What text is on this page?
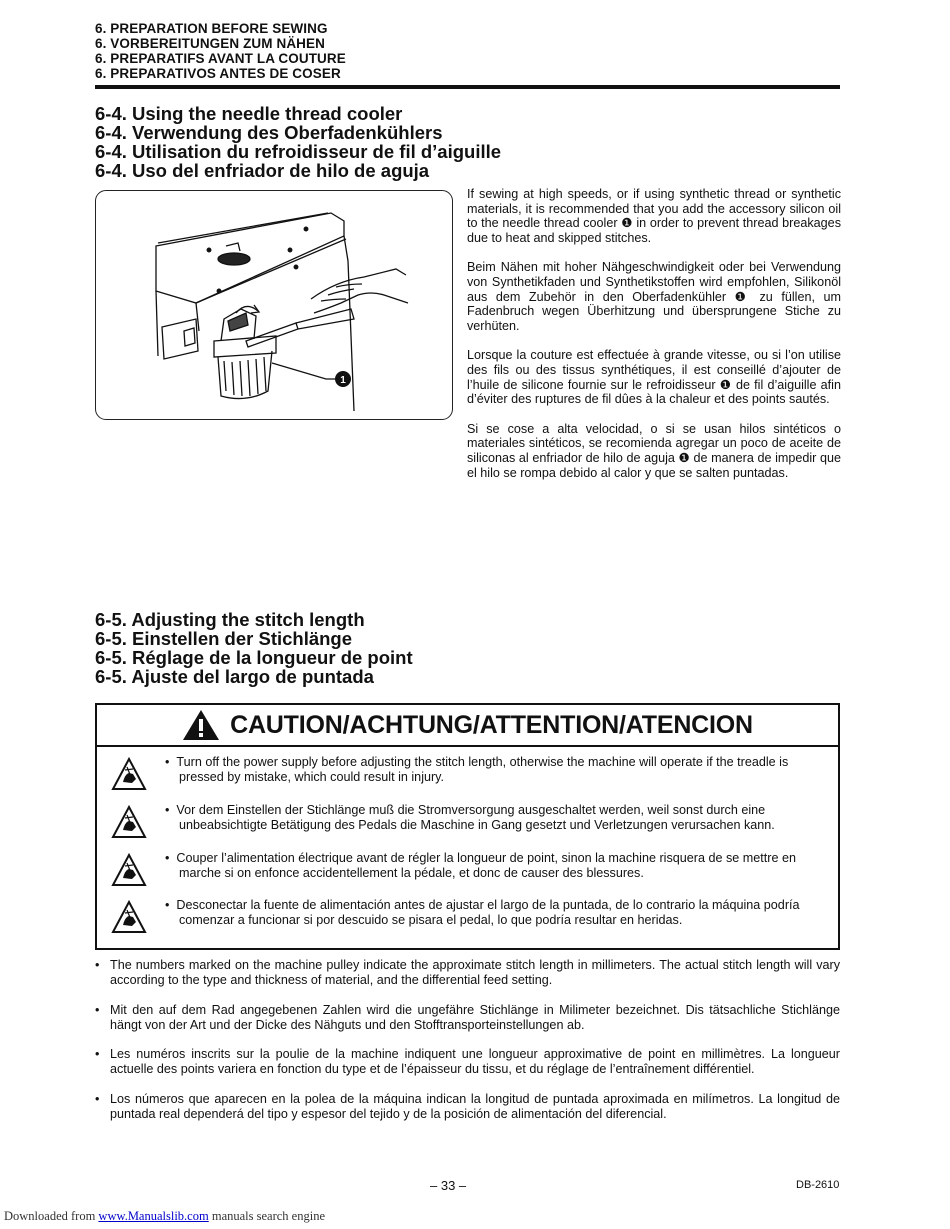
6. PREPARATION BEFORE SEWING
6. VORBEREITUNGEN ZUM NÄHEN
6. PREPARATIFS AVANT LA COUTURE
6. PREPARATIVOS ANTES DE COSER
6-4. Using the needle thread cooler
6-4. Verwendung des Oberfadenkühlers
6-4. Utilisation du refroidisseur de fil d’aiguille
6-4. Uso del enfriador de hilo de aguja
1

If sewing at high speeds, or if using synthetic thread or synthetic materials, it is recommended that you add the accessory silicon oil to the needle thread cooler ❶ in order to prevent thread breakages due to heat and skipped stitches.

Beim Nähen mit hoher Nähgeschwindigkeit oder bei Verwendung von Synthetikfaden und Synthetikstoffen wird empfohlen, Silikonöl aus dem Zubehör in den Oberfadenkühler ❶ zu füllen, um Fadenbruch wegen Überhitzung und übersprungene Stiche zu verhüten.

Lorsque la couture est effectuée à grande vitesse, ou si l’on utilise des fils ou des tissus synthétiques, il est conseillé d’ajouter de l’huile de silicone fournie sur le refroidisseur ❶ de fil d’aiguille afin d’éviter des ruptures de fil dûes à la chaleur et des points sautés.

Si se cose a alta velocidad, o si se usan hilos sintéticos o materiales sintéticos, se recomienda agregar un poco de aceite de siliconas al enfriador de hilo de aguja ❶ de manera de impedir que el hilo se rompa debido al calor y que se salten puntadas.

6-5. Adjusting the stitch length
6-5. Einstellen der Stichlänge
6-5. Réglage de la longueur de point
6-5. Ajuste del largo de puntada
CAUTION/ACHTUNG/ATTENTION/ATENCION
•  Turn off the power supply before adjusting the stitch length, otherwise the machine will operate if the treadle is pressed by mistake, which could result in injury.
•  Vor dem Einstellen der Stichlänge muß die Stromversorgung ausgeschaltet werden, weil sonst durch eine unbeabsichtigte Betätigung des Pedals die Maschine in Gang gesetzt und Verletzungen verursachen kann.
•  Couper l’alimentation électrique avant de régler la longueur de point, sinon la machine risquera de se mettre en marche si on enfonce accidentellement la pédale, et donc de causer des blessures.
•  Desconectar la fuente de alimentación antes de ajustar el largo de la puntada, de lo contrario la máquina podría comenzar a funcionar si por descuido se pisara el pedal, lo que podría resultar en heridas.
• The numbers marked on the machine pulley indicate the approximate stitch length in millimeters. The actual stitch length will vary according to the type and thickness of material, and the differential feed setting.
• Mit den auf dem Rad angegebenen Zahlen wird die ungefähre Stichlänge in Milimeter bezeichnet. Dis tätsachliche Stichlänge hängt von der Art und der Dicke des Nähguts und den Stofftransporteinstellungen ab.
• Les numéros inscrits sur la poulie de la machine indiquent une longueur approximative de point en millimètres. La longueur actuelle des points variera en fonction du type et de l’épaisseur du tissu, et du réglage de l’entraînement différentiel.
• Los números que aparecen en la polea de la máquina indican la longitud de puntada aproximada en milímetros. La longitud de puntada real dependerá del tipo y espesor del tejido y de la posición de alimentación del diferencial.
– 33 –	DB-2610
Downloaded from www.Manualslib.com manuals search engine
